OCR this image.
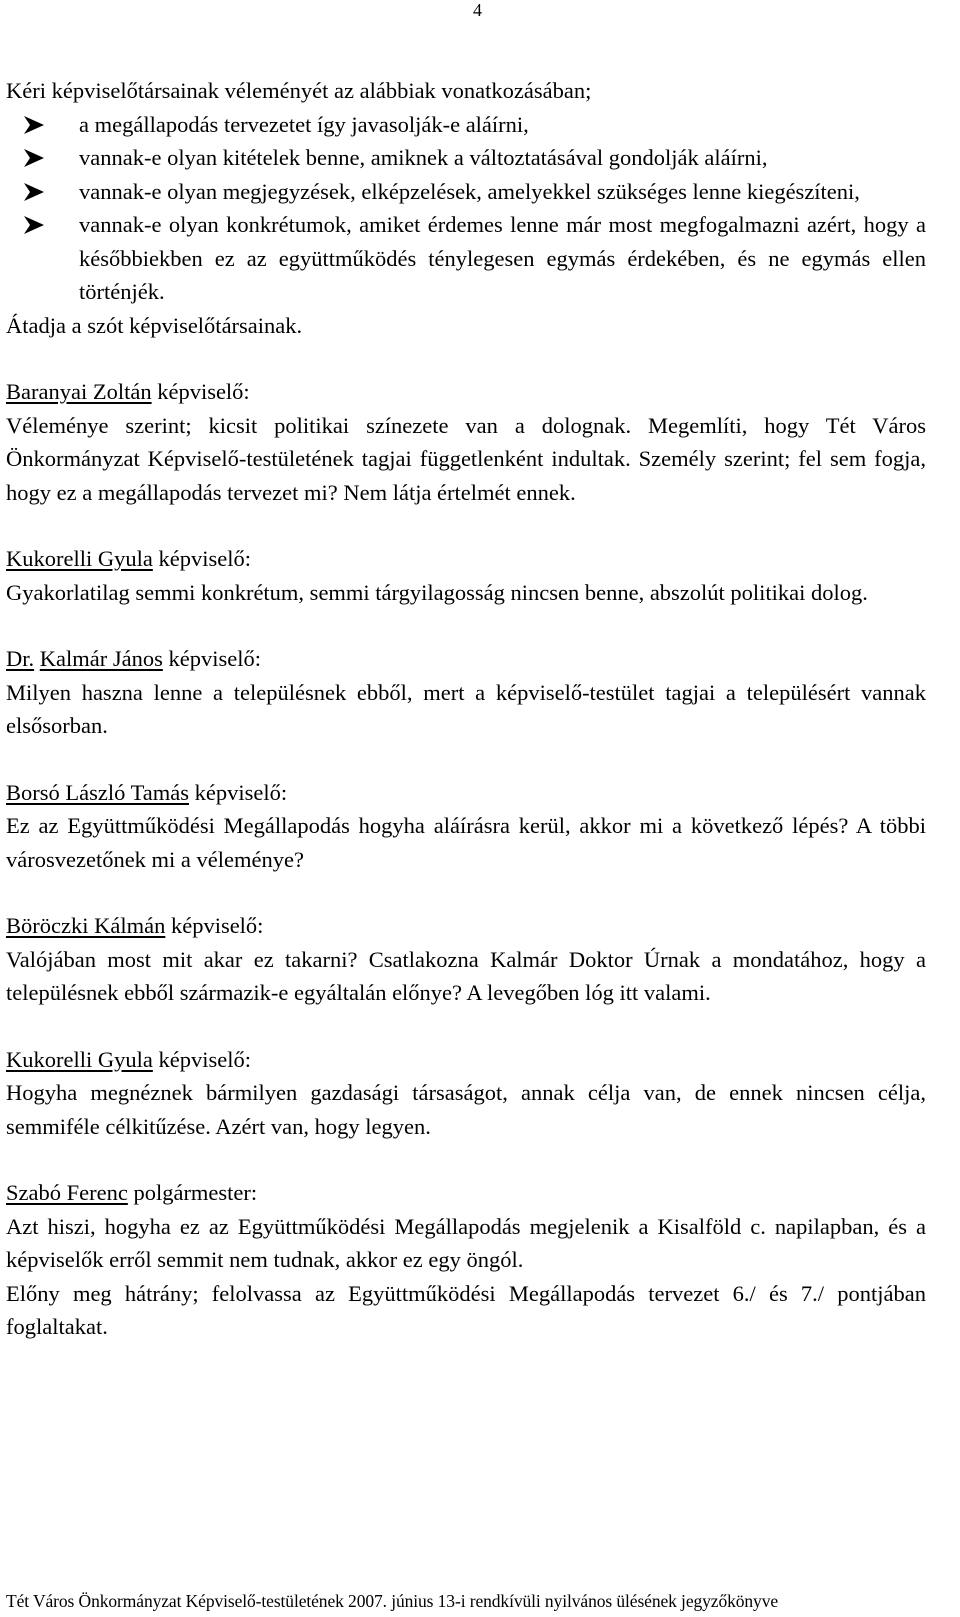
4

Kéri képviselőtársainak véleményét az alábbiak vonatkozásában;

a megállapodás tervezetet így javasolják-e aláírni,
vannak-e olyan kitételek benne, amiknek a változtatásával gondolják aláírni,
vannak-e olyan megjegyzések, elképzelések, amelyekkel szükséges lenne kiegészíteni,
vannak-e olyan konkrétumok, amiket érdemes lenne már most megfogalmazni azért, hogy a későbbiekben ez az együttműködés ténylegesen egymás érdekében, és ne egymás ellen történjék.

Átadja a szót képviselőtársainak.

Baranyai Zoltán képviselő:

Véleménye szerint; kicsit politikai színezete van a dolognak. Megemlíti, hogy Tét Város Önkormányzat Képviselő-testületének tagjai függetlenként indultak. Személy szerint; fel sem fogja, hogy ez a megállapodás tervezet mi? Nem látja értelmét ennek.

Kukorelli Gyula képviselő:

Gyakorlatilag semmi konkrétum, semmi tárgyilagosság nincsen benne, abszolút politikai dolog.

Dr. Kalmár János képviselő:

Milyen haszna lenne a településnek ebből, mert a képviselő-testület tagjai a településért vannak elsősorban.

Borsó László Tamás képviselő:

Ez az Együttműködési Megállapodás hogyha aláírásra kerül, akkor mi a következő lépés? A többi városvezetőnek mi a véleménye?

Böröczki Kálmán képviselő:

Valójában most mit akar ez takarni? Csatlakozna Kalmár Doktor Úrnak a mondatához, hogy a településnek ebből származik-e egyáltalán előnye? A levegőben lóg itt valami.

Kukorelli Gyula képviselő:

Hogyha megnéznek bármilyen gazdasági társaságot, annak célja van, de ennek nincsen célja, semmiféle célkitűzése. Azért van, hogy legyen.

Szabó Ferenc polgármester:

Azt hiszi, hogyha ez az Együttműködési Megállapodás megjelenik a Kisalföld c. napilapban, és a képviselők erről semmit nem tudnak, akkor ez egy öngól.

Előny meg hátrány; felolvassa az Együttműködési Megállapodás tervezet 6./ és 7./ pontjában foglaltakat.

Tét Város Önkormányzat Képviselő-testületének 2007. június 13-i rendkívüli nyilvános ülésének jegyzőkönyve
